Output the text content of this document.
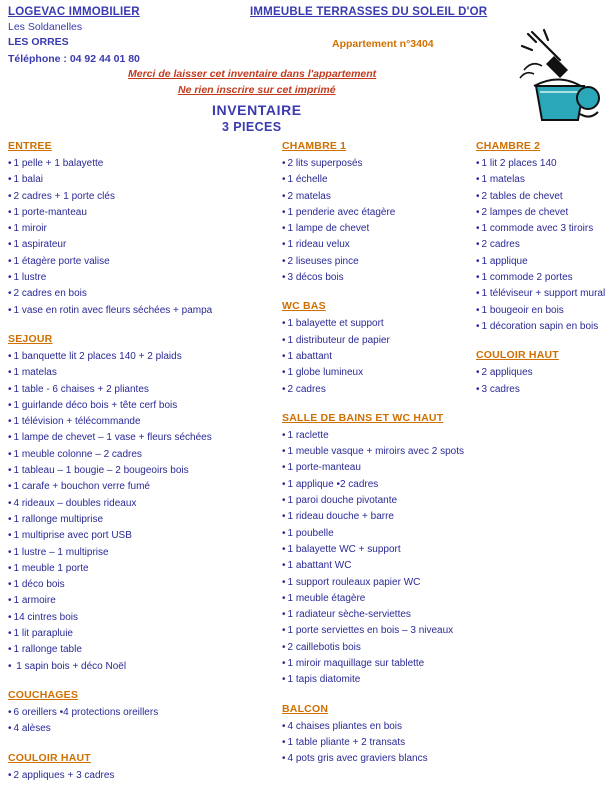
LOGEVAC IMMOBILIER
Les Soldanelles
LES ORRES
Téléphone : 04 92 44 01 80
IMMEUBLE TERRASSES DU SOLEIL D'OR
Appartement n°3404
Merci de laisser cet inventaire dans l'appartement
Ne rien inscrire sur cet imprimé
INVENTAIRE
3 PIECES
ENTREE
• 1 pelle + 1 balayette
• 1 balai
• 2 cadres + 1 porte clés
• 1 porte-manteau
• 1 miroir
• 1 aspirateur
• 1 étagère porte valise
• 1 lustre
• 2 cadres en bois
• 1 vase en rotin avec fleurs séchées + pampa
SEJOUR
• 1 banquette lit 2 places 140 + 2 plaids
• 1 matelas
• 1 table - 6 chaises + 2 pliantes
• 1 guirlande déco bois + tête cerf bois
• 1 télévision + télécommande
• 1 lampe de chevet – 1 vase + fleurs séchées
• 1 meuble colonne – 2 cadres
• 1 tableau – 1 bougie – 2 bougeoirs bois
• 1 carafe + bouchon verre fumé
• 4 rideaux – doubles rideaux
• 1 rallonge multiprise
• 1 multiprise avec port USB
• 1 lustre – 1 multiprise
• 1 meuble 1 porte
• 1 déco bois
• 1 armoire
• 14 cintres bois
• 1 lit parapluie
• 1 rallonge table
• 1 sapin bois + déco Noël
COUCHAGES
• 6 oreillers •4 protections oreillers
• 4 alèses
COULOIR HAUT
• 2 appliques + 3 cadres
CHAMBRE 1
• 2 lits superposés
• 1 échelle
• 2 matelas
• 1 penderie avec étagère
• 1 lampe de chevet
• 1 rideau velux
• 2 liseuses pince
• 3 décos bois
WC BAS
• 1 balayette et support
• 1 distributeur de papier
• 1 abattant
• 1 globe lumineux
• 2 cadres
SALLE DE BAINS ET WC HAUT
• 1 raclette
• 1 meuble vasque + miroirs avec 2 spots
• 1 porte-manteau
• 1 applique •2 cadres
• 1 paroi douche pivotante
• 1 rideau douche + barre
• 1 poubelle
• 1 balayette WC + support
• 1 abattant WC
• 1 support rouleaux papier WC
• 1 meuble étagère
• 1 radiateur sèche-serviettes
• 1 porte serviettes en bois – 3 niveaux
• 2 caillebotis bois
• 1 miroir maquillage sur tablette
• 1 tapis diatomite
BALCON
• 4 chaises pliantes en bois
• 1 table pliante + 2 transats
• 4 pots gris avec graviers blancs
CHAMBRE 2
• 1 lit 2 places 140
• 1 matelas
• 2 tables de chevet
• 2 lampes de chevet
• 1 commode avec 3 tiroirs
• 2 cadres
• 1 applique
• 1 commode 2 portes
• 1 téléviseur + support mural
• 1 bougeoir en bois
• 1 décoration sapin en bois
COULOIR HAUT
• 2 appliques
• 3 cadres
